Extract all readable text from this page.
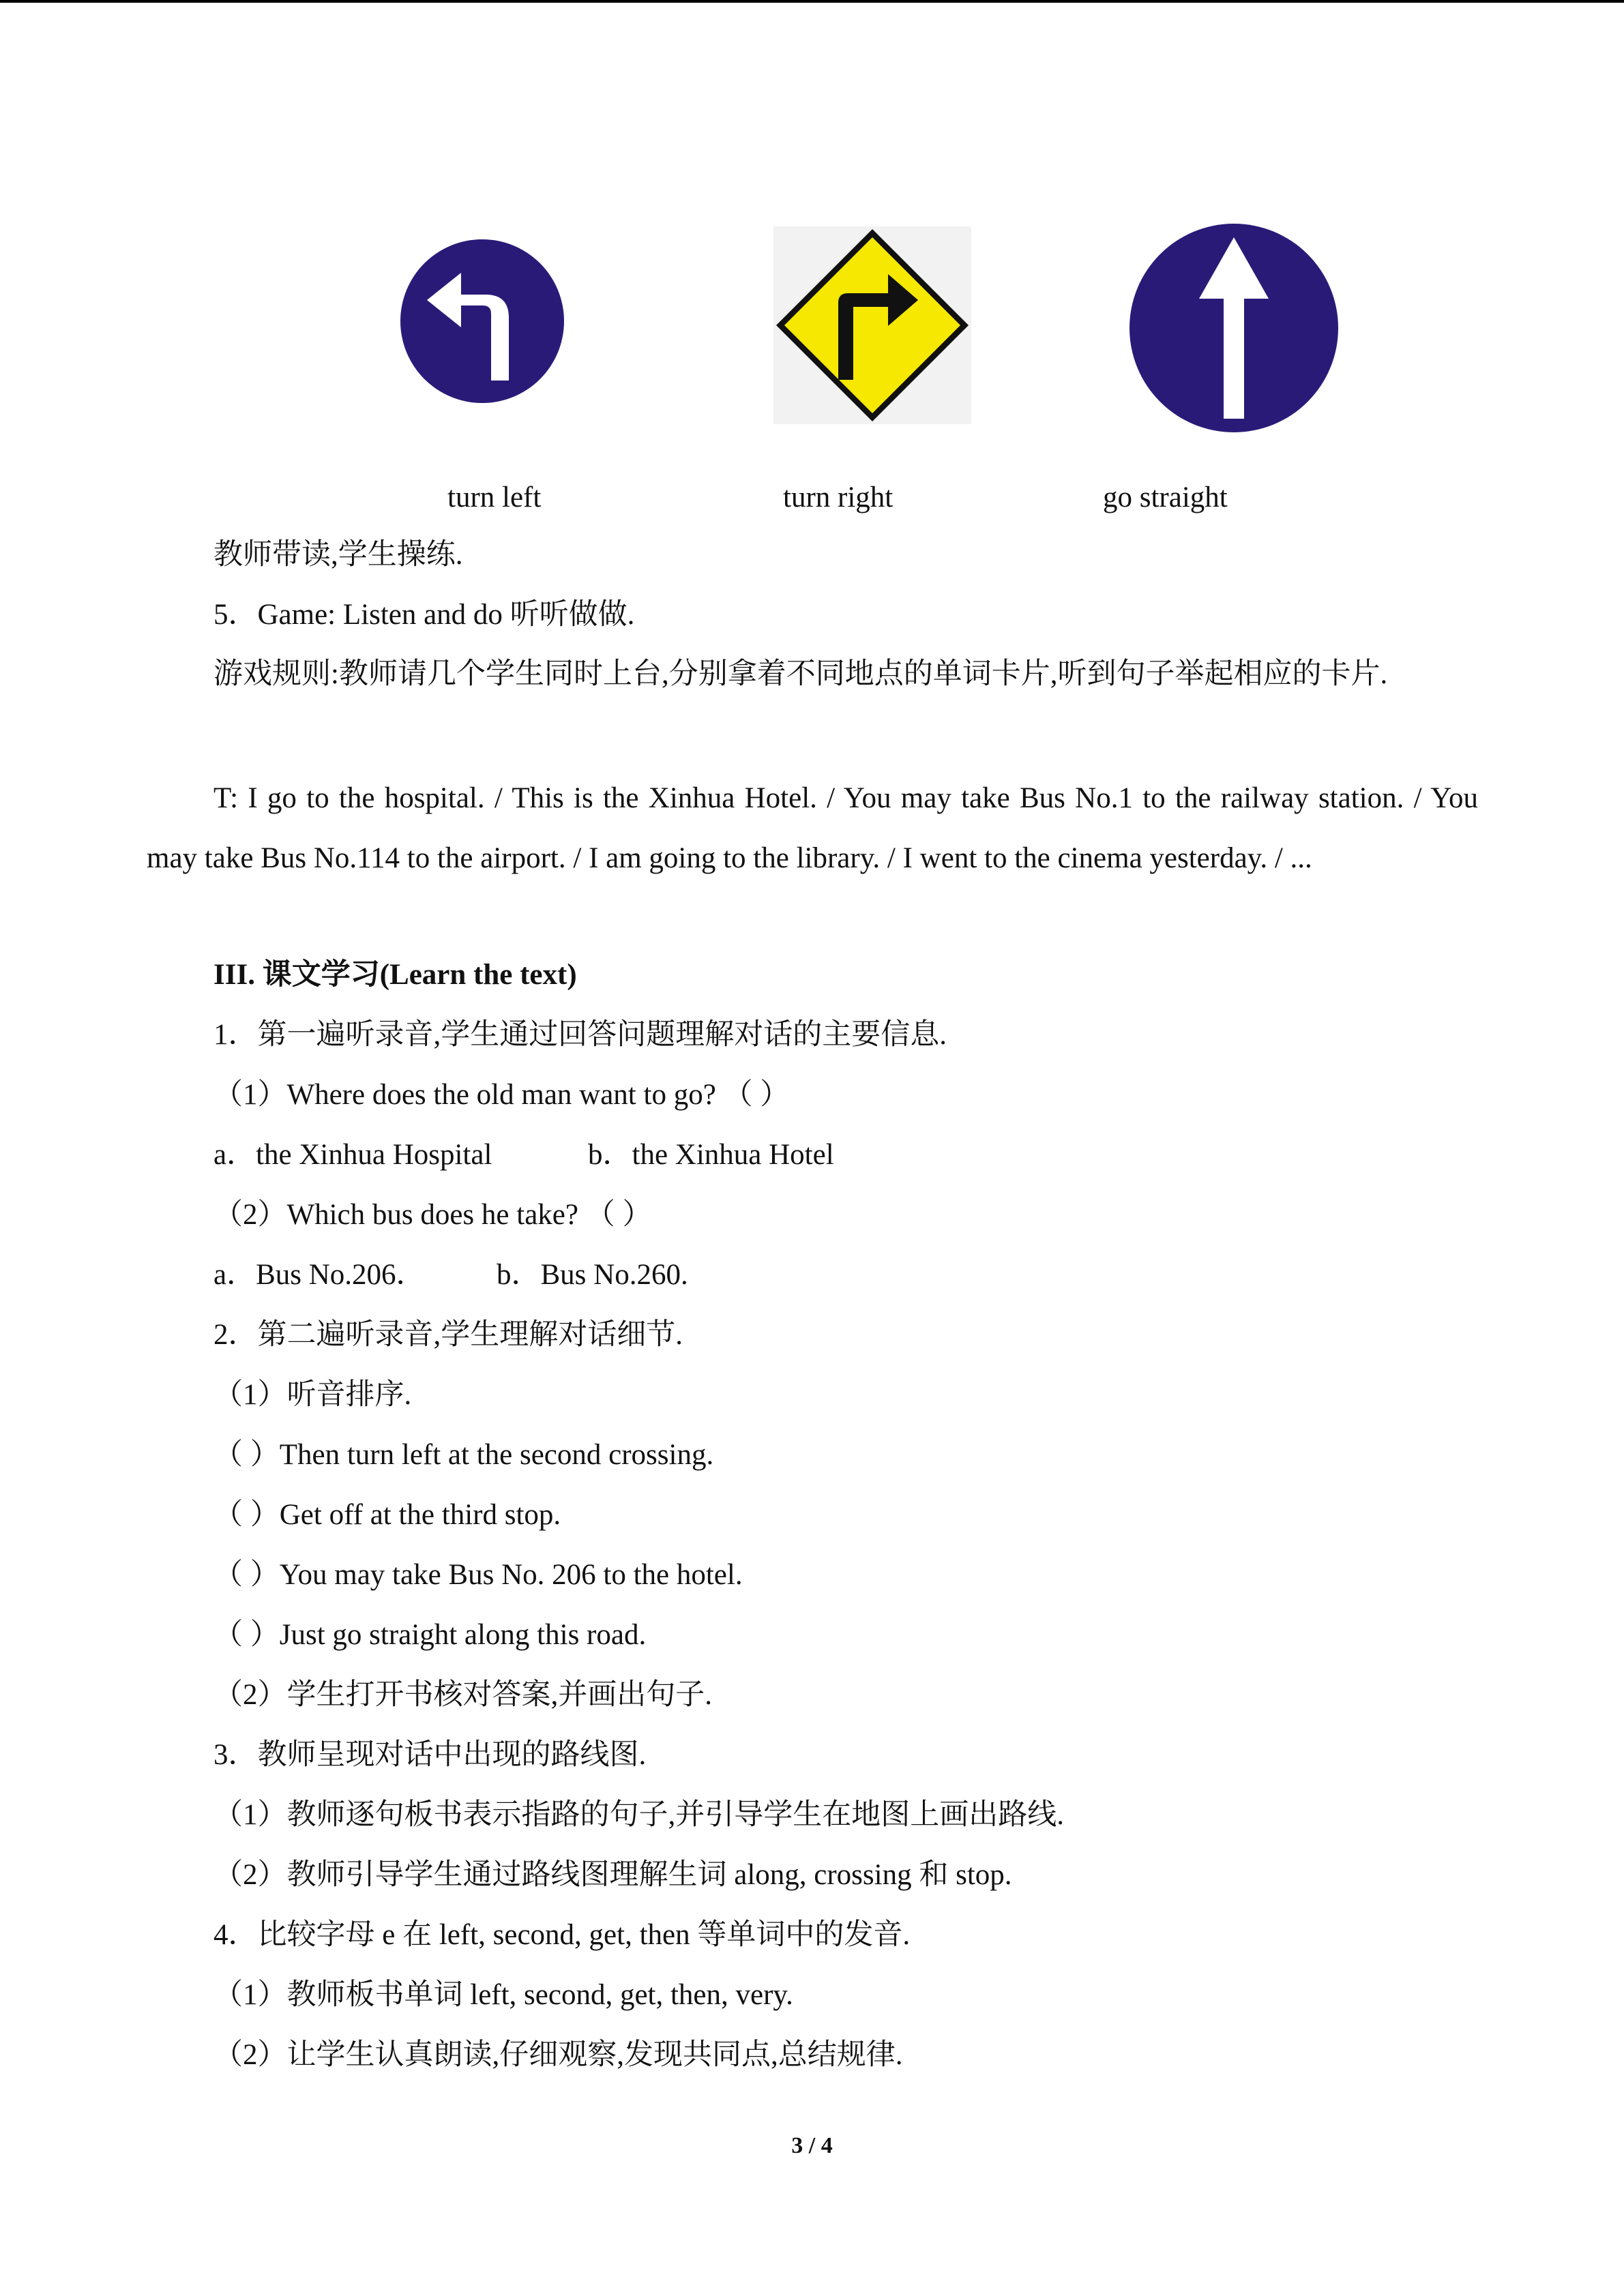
turn left	turn right	go straight
教师带读,学生操练.
5．Game: Listen and do 听听做做.
游戏规则:教师请几个学生同时上台,分别拿着不同地点的单词卡片,听到句子举起相应的卡片.
T: I go to the hospital. / This is the Xinhua Hotel. / You may take Bus No.1 to the railway station. / You may take Bus No.114 to the airport. / I am going to the library. / I went to the cinema yesterday. / ...
III. 课文学习(Learn the text)
1．第一遍听录音,学生通过回答问题理解对话的主要信息.
（1）Where does the old man want to go? （ ）
a．the Xinhua Hospital	b．the Xinhua Hotel
（2）Which bus does he take? （ ）
a．Bus No.206． b．Bus No.260.
2．第二遍听录音,学生理解对话细节.
（1）听音排序.
（ ）Then turn left at the second crossing.
（ ）Get off at the third stop.
（ ）You may take Bus No. 206 to the hotel.
（ ）Just go straight along this road.
（2）学生打开书核对答案,并画出句子.
3．教师呈现对话中出现的路线图.
（1）教师逐句板书表示指路的句子,并引导学生在地图上画出路线.
（2）教师引导学生通过路线图理解生词 along, crossing 和 stop.
4．比较字母 e 在 left, second, get, then 等单词中的发音.
（1）教师板书单词 left, second, get, then, very.
（2）让学生认真朗读,仔细观察,发现共同点,总结规律.
3 / 4
